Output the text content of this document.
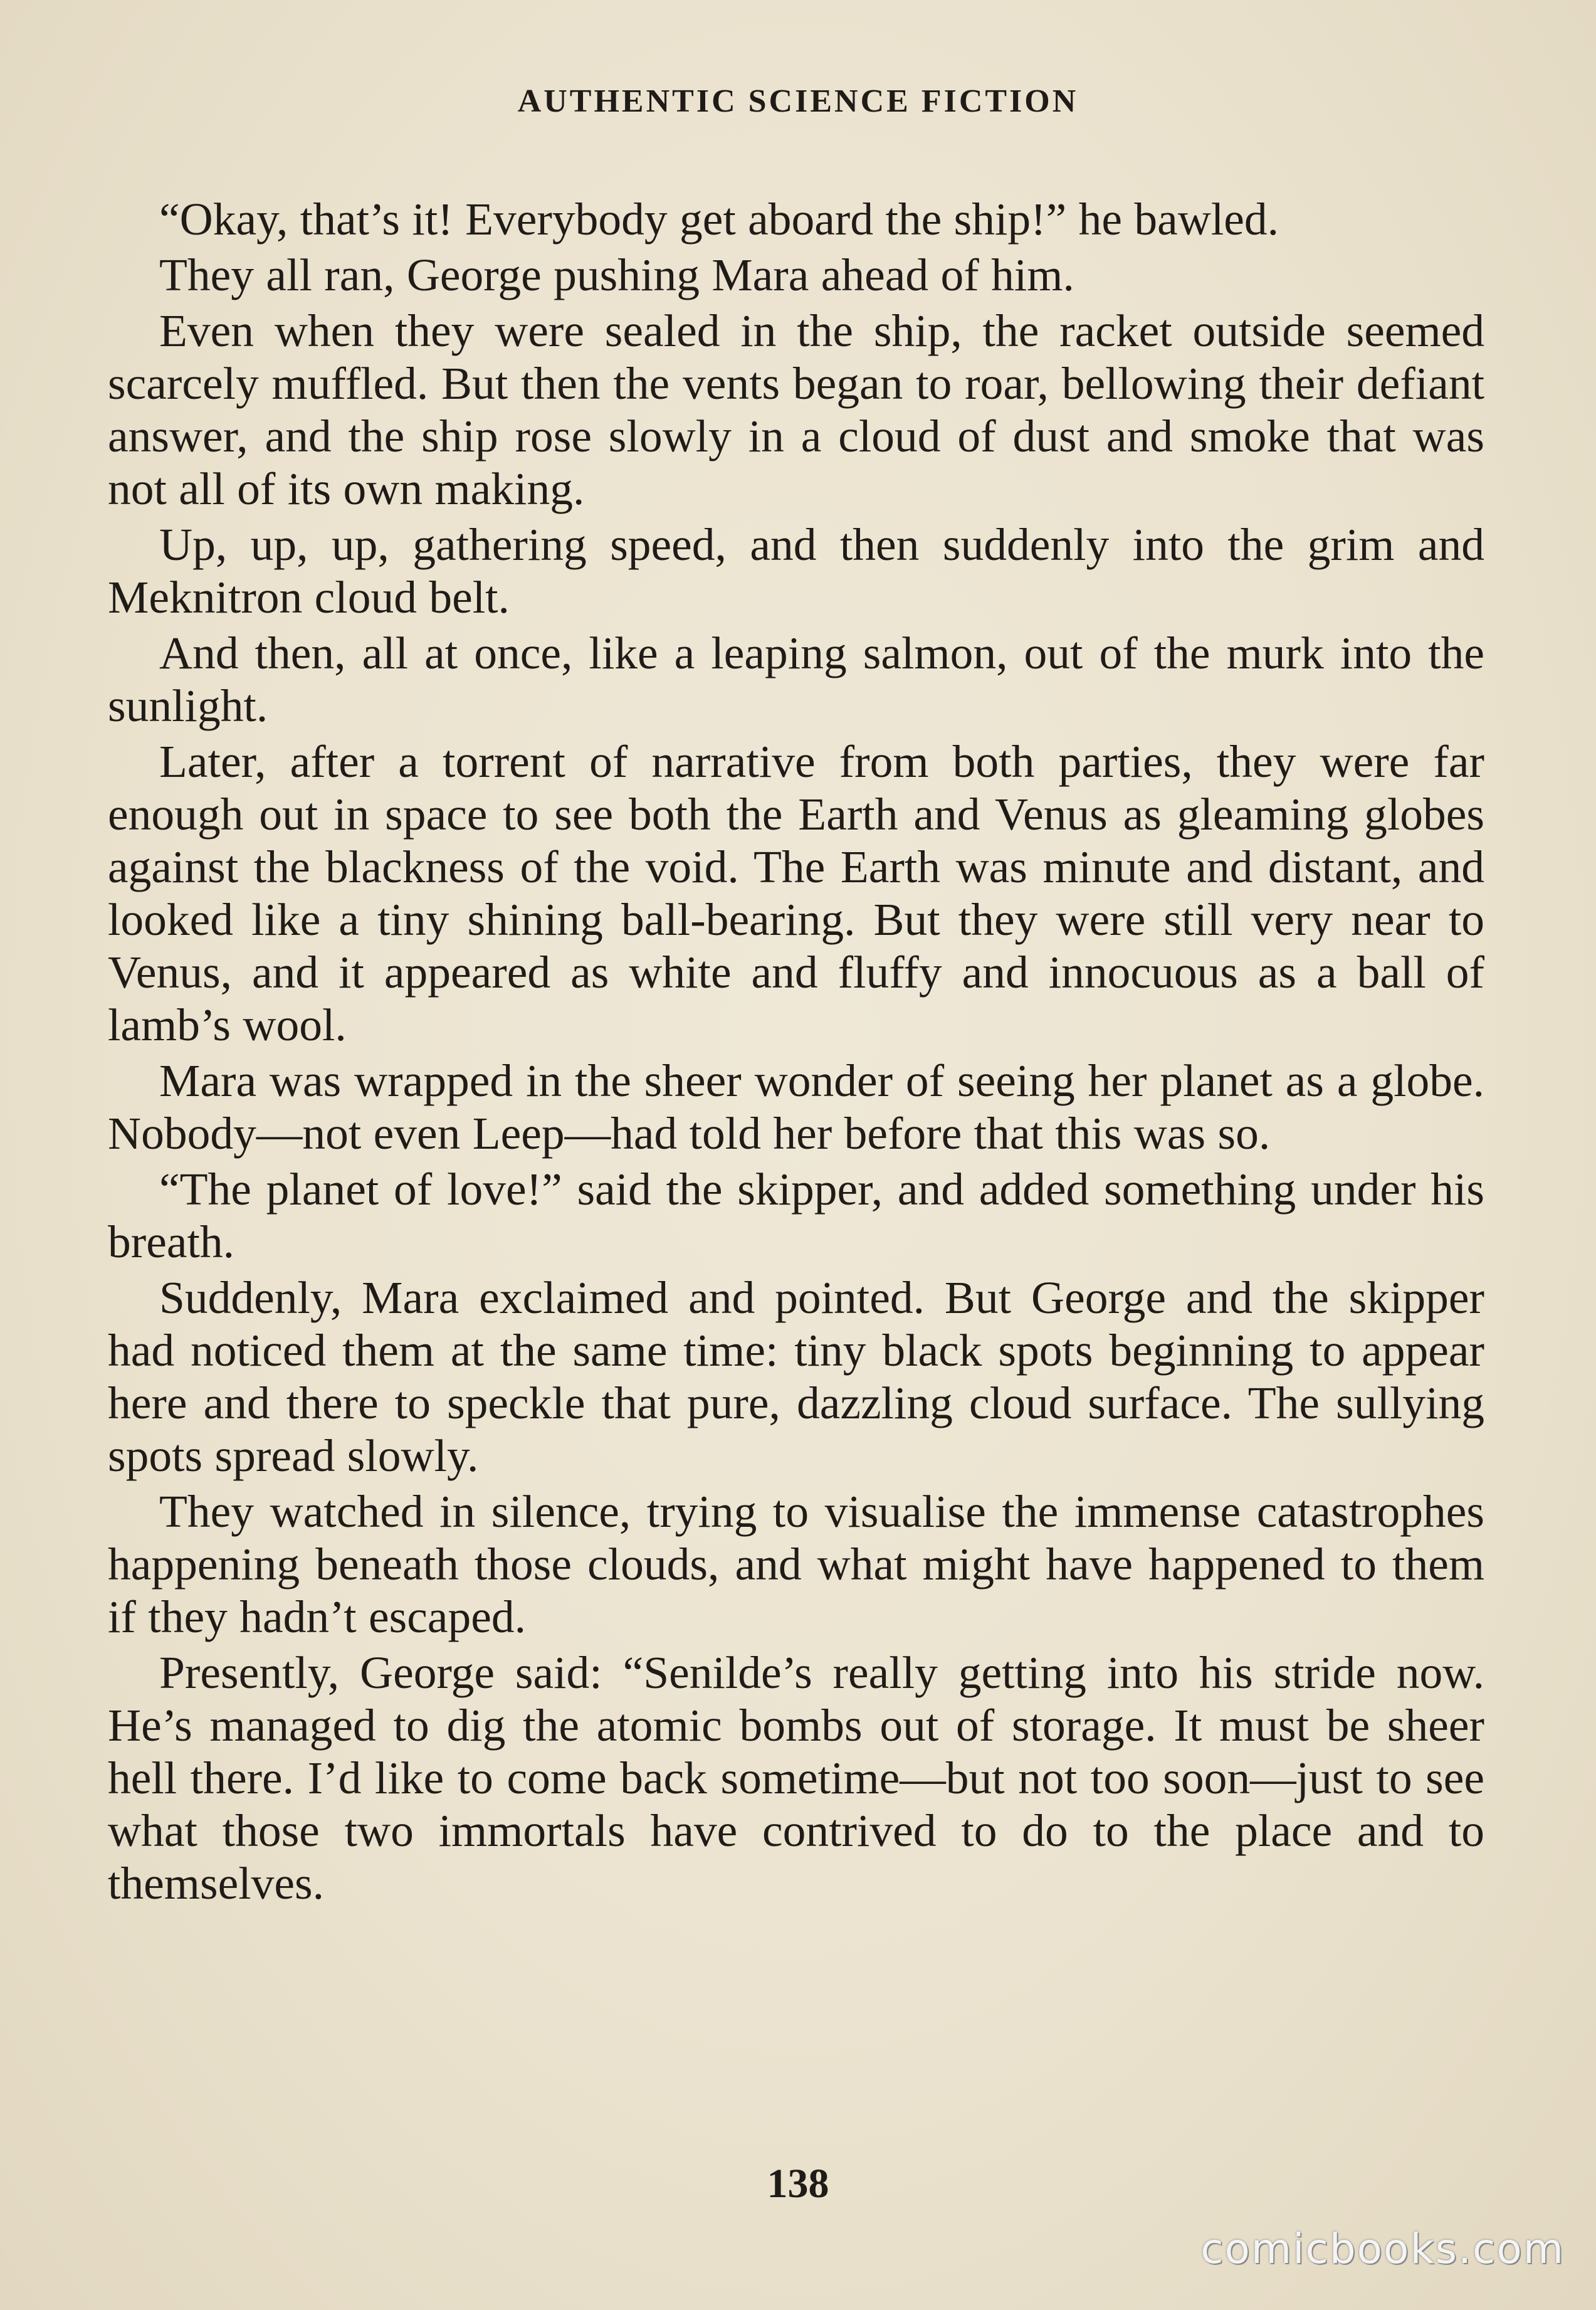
AUTHENTIC SCIENCE FICTION

“Okay, that’s it! Everybody get aboard the ship!” he bawled.

They all ran, George pushing Mara ahead of him.

Even when they were sealed in the ship, the racket outside seemed scarcely muffled. But then the vents began to roar, bellowing their defiant answer, and the ship rose slowly in a cloud of dust and smoke that was not all of its own making.

Up, up, up, gathering speed, and then suddenly into the grim and Meknitron cloud belt.

And then, all at once, like a leaping salmon, out of the murk into the sunlight.

Later, after a torrent of narrative from both parties, they were far enough out in space to see both the Earth and Venus as gleaming globes against the blackness of the void. The Earth was minute and distant, and looked like a tiny shining ball-bearing. But they were still very near to Venus, and it appeared as white and fluffy and innocuous as a ball of lamb’s wool.

Mara was wrapped in the sheer wonder of seeing her planet as a globe. Nobody—not even Leep—had told her before that this was so.

“The planet of love!” said the skipper, and added something under his breath.

Suddenly, Mara exclaimed and pointed. But George and the skipper had noticed them at the same time: tiny black spots beginning to appear here and there to speckle that pure, dazzling cloud surface. The sullying spots spread slowly.

They watched in silence, trying to visualise the immense catastrophes happening beneath those clouds, and what might have happened to them if they hadn’t escaped.

Presently, George said: “Senilde’s really getting into his stride now. He’s managed to dig the atomic bombs out of storage. It must be sheer hell there. I’d like to come back sometime—but not too soon—just to see what those two immortals have contrived to do to the place and to themselves.

138
comicbooks.com
